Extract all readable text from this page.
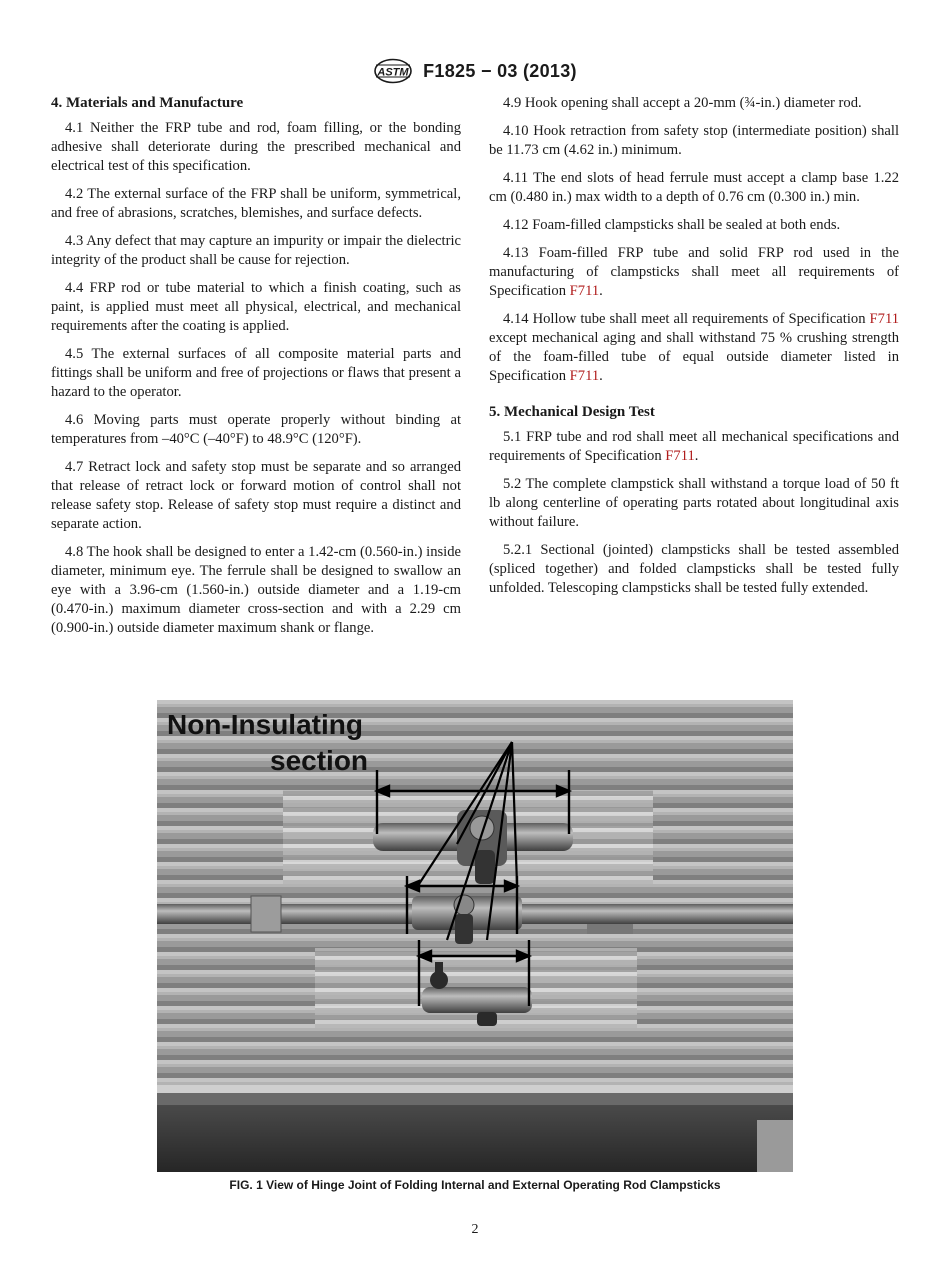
ASTM F1825 − 03 (2013)
4. Materials and Manufacture

4.1 Neither the FRP tube and rod, foam filling, or the bonding adhesive shall deteriorate during the prescribed mechanical and electrical test of this specification.

4.2 The external surface of the FRP shall be uniform, symmetrical, and free of abrasions, scratches, blemishes, and surface defects.

4.3 Any defect that may capture an impurity or impair the dielectric integrity of the product shall be cause for rejection.

4.4 FRP rod or tube material to which a finish coating, such as paint, is applied must meet all physical, electrical, and mechanical requirements after the coating is applied.

4.5 The external surfaces of all composite material parts and fittings shall be uniform and free of projections or flaws that present a hazard to the operator.

4.6 Moving parts must operate properly without binding at temperatures from –40°C (–40°F) to 48.9°C (120°F).

4.7 Retract lock and safety stop must be separate and so arranged that release of retract lock or forward motion of control shall not release safety stop. Release of safety stop must require a distinct and separate action.

4.8 The hook shall be designed to enter a 1.42-cm (0.560-in.) inside diameter, minimum eye. The ferrule shall be designed to swallow an eye with a 3.96-cm (1.560-in.) outside diameter and a 1.19-cm (0.470-in.) maximum diameter cross-section and with a 2.29 cm (0.900-in.) outside diameter maximum shank or flange.

4.9 Hook opening shall accept a 20-mm (¾-in.) diameter rod.

4.10 Hook retraction from safety stop (intermediate position) shall be 11.73 cm (4.62 in.) minimum.

4.11 The end slots of head ferrule must accept a clamp base 1.22 cm (0.480 in.) max width to a depth of 0.76 cm (0.300 in.) min.

4.12 Foam-filled clampsticks shall be sealed at both ends.

4.13 Foam-filled FRP tube and solid FRP rod used in the manufacturing of clampsticks shall meet all requirements of Specification F711.

4.14 Hollow tube shall meet all requirements of Specification F711 except mechanical aging and shall withstand 75 % crushing strength of the foam-filled tube of equal outside diameter listed in Specification F711.

5. Mechanical Design Test

5.1 FRP tube and rod shall meet all mechanical specifications and requirements of Specification F711.

5.2 The complete clampstick shall withstand a torque load of 50 ft lb along centerline of operating parts rotated about longitudinal axis without failure.

5.2.1 Sectional (jointed) clampsticks shall be tested assembled (spliced together) and folded clampsticks shall be tested fully unfolded. Telescoping clampsticks shall be tested fully extended.

Non-Insulating
section
FIG. 1 View of Hinge Joint of Folding Internal and External Operating Rod Clampsticks
2
